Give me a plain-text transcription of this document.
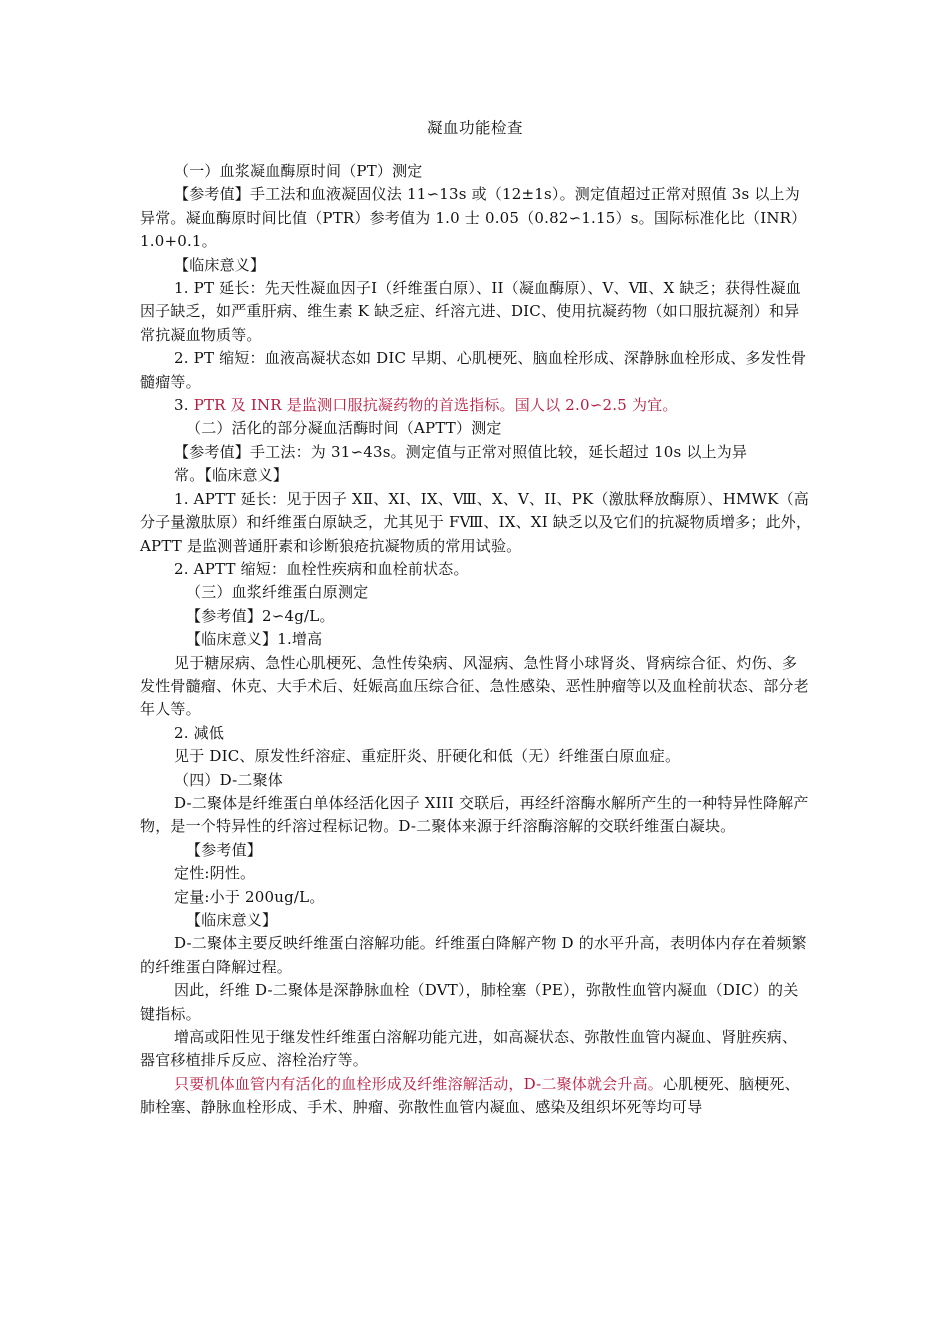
凝血功能检查

（一）血浆凝血酶原时间（PT）测定

【参考值】手工法和血液凝固仪法 11∽13s 或（12±1s）。测定值超过正常对照值 3s 以上为异常。凝血酶原时间比值（PTR）参考值为 1.0 士 0.05（0.82∽1.15）s。国际标准化比（INR）1.0+0.1。

【临床意义】

1. PT 延长：先天性凝血因子Ⅰ（纤维蛋白原）、II（凝血酶原）、V、Ⅶ、X 缺乏；获得性凝血因子缺乏，如严重肝病、维生素 K 缺乏症、纤溶亢进、DIC、使用抗凝药物（如口服抗凝剂）和异常抗凝血物质等。

2. PT 缩短：血液高凝状态如 DIC 早期、心肌梗死、脑血栓形成、深静脉血栓形成、多发性骨髓瘤等。

3. PTR 及 INR 是监测口服抗凝药物的首选指标。国人以 2.0∽2.5 为宜。

（二）活化的部分凝血活酶时间（APTT）测定

【参考值】手工法：为 31∽43s。测定值与正常对照值比较，延长超过 10s 以上为异

常。【临床意义】

1. APTT 延长：见于因子 XⅡ、XI、IX、Ⅷ、X、V、II、PK（激肽释放酶原）、HMWK（高分子量激肽原）和纤维蛋白原缺乏，尤其见于 FⅧ、IX、XI 缺乏以及它们的抗凝物质增多；此外，APTT 是监测普通肝素和诊断狼疮抗凝物质的常用试验。

2. APTT 缩短：血栓性疾病和血栓前状态。

（三）血浆纤维蛋白原测定

【参考值】2∽4g/L。

【临床意义】1.增高

见于糖尿病、急性心肌梗死、急性传染病、风湿病、急性肾小球肾炎、肾病综合征、灼伤、多发性骨髓瘤、休克、大手术后、妊娠高血压综合征、急性感染、恶性肿瘤等以及血栓前状态、部分老年人等。

2. 减低

见于 DIC、原发性纤溶症、重症肝炎、肝硬化和低（无）纤维蛋白原血症。

（四）D-二聚体

D-二聚体是纤维蛋白单体经活化因子 XIII 交联后，再经纤溶酶水解所产生的一种特异性降解产物，是一个特异性的纤溶过程标记物。D-二聚体来源于纤溶酶溶解的交联纤维蛋白凝块。

【参考值】

定性:阴性。

定量:小于 200ug/L。

【临床意义】

D-二聚体主要反映纤维蛋白溶解功能。纤维蛋白降解产物 D 的水平升高，表明体内存在着频繁的纤维蛋白降解过程。

因此，纤维 D-二聚体是深静脉血栓（DVT），肺栓塞（PE），弥散性血管内凝血（DIC）的关键指标。

增高或阳性见于继发性纤维蛋白溶解功能亢进，如高凝状态、弥散性血管内凝血、肾脏疾病、器官移植排斥反应、溶栓治疗等。

只要机体血管内有活化的血栓形成及纤维溶解活动，D-二聚体就会升高。心肌梗死、脑梗死、肺栓塞、静脉血栓形成、手术、肿瘤、弥散性血管内凝血、感染及组织坏死等均可导
